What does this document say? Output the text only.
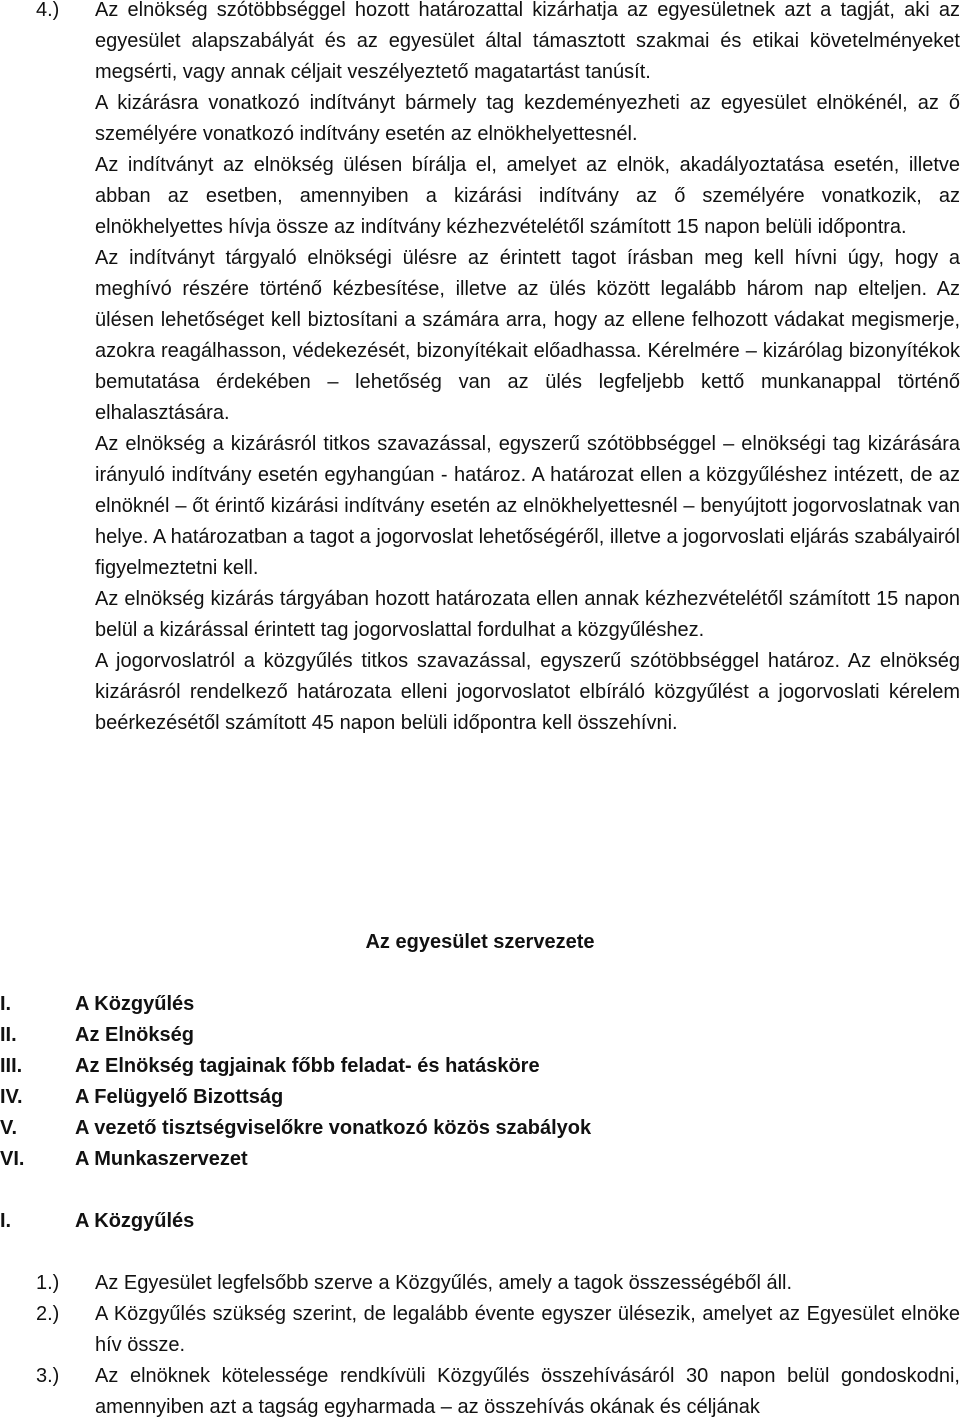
4.) Az elnökség szótöbbséggel hozott határozattal kizárhatja az egyesületnek azt a tagját, aki az egyesület alapszabályát és az egyesület által támasztott szakmai és etikai követelményeket megsérti, vagy annak céljait veszélyeztető magatartást tanúsít.

A kizárásra vonatkozó indítványt bármely tag kezdeményezheti az egyesület elnökénél, az ő személyére vonatkozó indítvány esetén az elnökhelyettesnél.

Az indítványt az elnökség ülésen bírálja el, amelyet az elnök, akadályoztatása esetén, illetve abban az esetben, amennyiben a kizárási indítvány az ő személyére vonatkozik, az elnökhelyettes hívja össze az indítvány kézhezvételétől számított 15 napon belüli időpontra.

Az indítványt tárgyaló elnökségi ülésre az érintett tagot írásban meg kell hívni úgy, hogy a meghívó részére történő kézbesítése, illetve az ülés között legalább három nap elteljen. Az ülésen lehetőséget kell biztosítani a számára arra, hogy az ellene felhozott vádakat megismerje, azokra reagálhasson, védekezését, bizonyítékait előadhassa. Kérelmére – kizárólag bizonyítékok bemutatása érdekében – lehetőség van az ülés legfeljebb kettő munkanappal történő elhalasztására.

Az elnökség a kizárásról titkos szavazással, egyszerű szótöbbséggel – elnökségi tag kizárására irányuló indítvány esetén egyhangúan - határoz. A határozat ellen a közgyűléshez intézett, de az elnöknél – őt érintő kizárási indítvány esetén az elnökhelyettesnél – benyújtott jogorvoslatnak van helye. A határozatban a tagot a jogorvoslat lehetőségéről, illetve a jogorvoslati eljárás szabályairól figyelmeztetni kell.

Az elnökség kizárás tárgyában hozott határozata ellen annak kézhezvételétől számított 15 napon belül a kizárással érintett tag jogorvoslattal fordulhat a közgyűléshez.

A jogorvoslatról a közgyűlés titkos szavazással, egyszerű szótöbbséggel határoz. Az elnökség kizárásról rendelkező határozata elleni jogorvoslatot elbíráló közgyűlést a jogorvoslati kérelem beérkezésétől számított 45 napon belüli időpontra kell összehívni.

Az egyesület szervezete

I.	A Közgyűlés
II.	Az Elnökség
III.	Az Elnökség tagjainak főbb feladat- és hatásköre
IV.	A Felügyelő Bizottság
V.	A vezető tisztségviselőkre vonatkozó közös szabályok
VI.	A Munkaszervezet

I.	A Közgyűlés

1.) Az Egyesület legfelsőbb szerve a Közgyűlés, amely a tagok összességéből áll.

2.) A Közgyűlés szükség szerint, de legalább évente egyszer ülésezik, amelyet az Egyesület elnöke hív össze.

3.) Az elnöknek kötelessége rendkívüli Közgyűlés összehívásáról 30 napon belül gondoskodni, amennyiben azt a tagság egyharmada – az összehívás okának és céljának
